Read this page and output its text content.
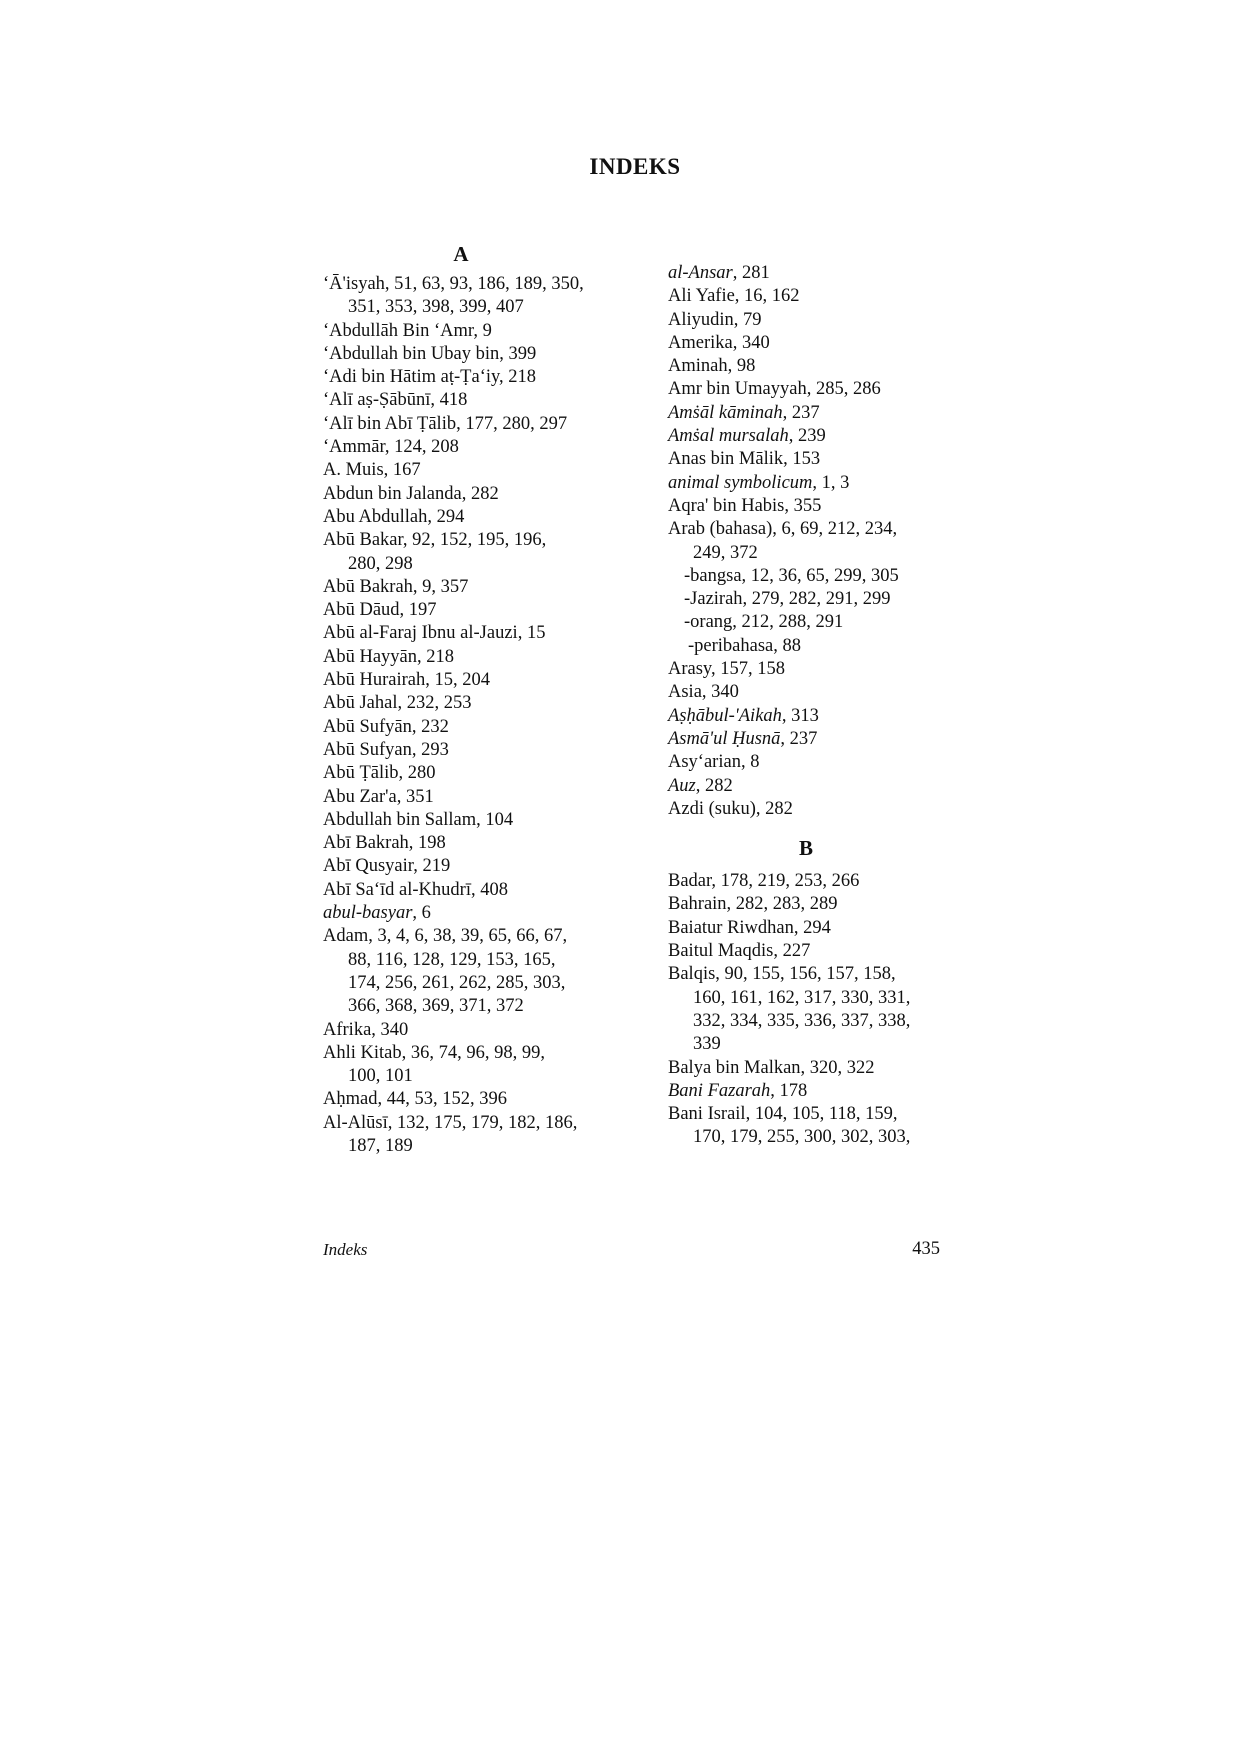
INDEKS
A
‘Ā'isyah, 51, 63, 93, 186, 189, 350,
351, 353, 398, 399, 407
‘Abdullāh Bin ‘Amr, 9
‘Abdullah bin Ubay bin, 399
‘Adi bin Hātim aṭ-Ṭa‘iy, 218
‘Alī aṣ-Ṣābūnī, 418
‘Alī bin Abī Ṭālib, 177, 280, 297
‘Ammār, 124, 208
A. Muis, 167
Abdun bin Jalanda, 282
Abu Abdullah, 294
Abū Bakar, 92, 152, 195, 196,
280, 298
Abū Bakrah, 9, 357
Abū Dāud, 197
Abū al-Faraj Ibnu al-Jauzi, 15
Abū Hayyān, 218
Abū Hurairah, 15, 204
Abū Jahal, 232, 253
Abū Sufyān, 232
Abū Sufyan, 293
Abū Ṭālib, 280
Abu Zar'a, 351
Abdullah bin Sallam, 104
Abī Bakrah, 198
Abī Qusyair, 219
Abī Sa‘īd al-Khudrī, 408
abul-basyar, 6
Adam, 3, 4, 6, 38, 39, 65, 66, 67,
88, 116, 128, 129, 153, 165,
174, 256, 261, 262, 285, 303,
366, 368, 369, 371, 372
Afrika, 340
Ahli Kitab, 36, 74, 96, 98, 99,
100, 101
Aḥmad, 44, 53, 152, 396
Al-Alūsī, 132, 175, 179, 182, 186,
187, 189
al-Ansar, 281
Ali Yafie, 16, 162
Aliyudin, 79
Amerika, 340
Aminah, 98
Amr bin Umayyah, 285, 286
Amṡāl kāminah, 237
Amṡal mursalah, 239
Anas bin Mālik, 153
animal symbolicum, 1, 3
Aqra' bin Habis, 355
Arab (bahasa), 6, 69, 212, 234,
249, 372
-bangsa, 12, 36, 65, 299, 305
-Jazirah, 279, 282, 291, 299
-orang, 212, 288, 291
-peribahasa, 88
Arasy, 157, 158
Asia, 340
Aṣḥābul-'Aikah, 313
Asmā'ul Ḥusnā, 237
Asy‘arian, 8
Auz, 282
Azdi (suku), 282
B
Badar, 178, 219, 253, 266
Bahrain, 282, 283, 289
Baiatur Riwdhan, 294
Baitul Maqdis, 227
Balqis, 90, 155, 156, 157, 158,
160, 161, 162, 317, 330, 331,
332, 334, 335, 336, 337, 338,
339
Balya bin Malkan, 320, 322
Bani Fazarah, 178
Bani Israil, 104, 105, 118, 159,
170, 179, 255, 300, 302, 303,
Indeks	435
